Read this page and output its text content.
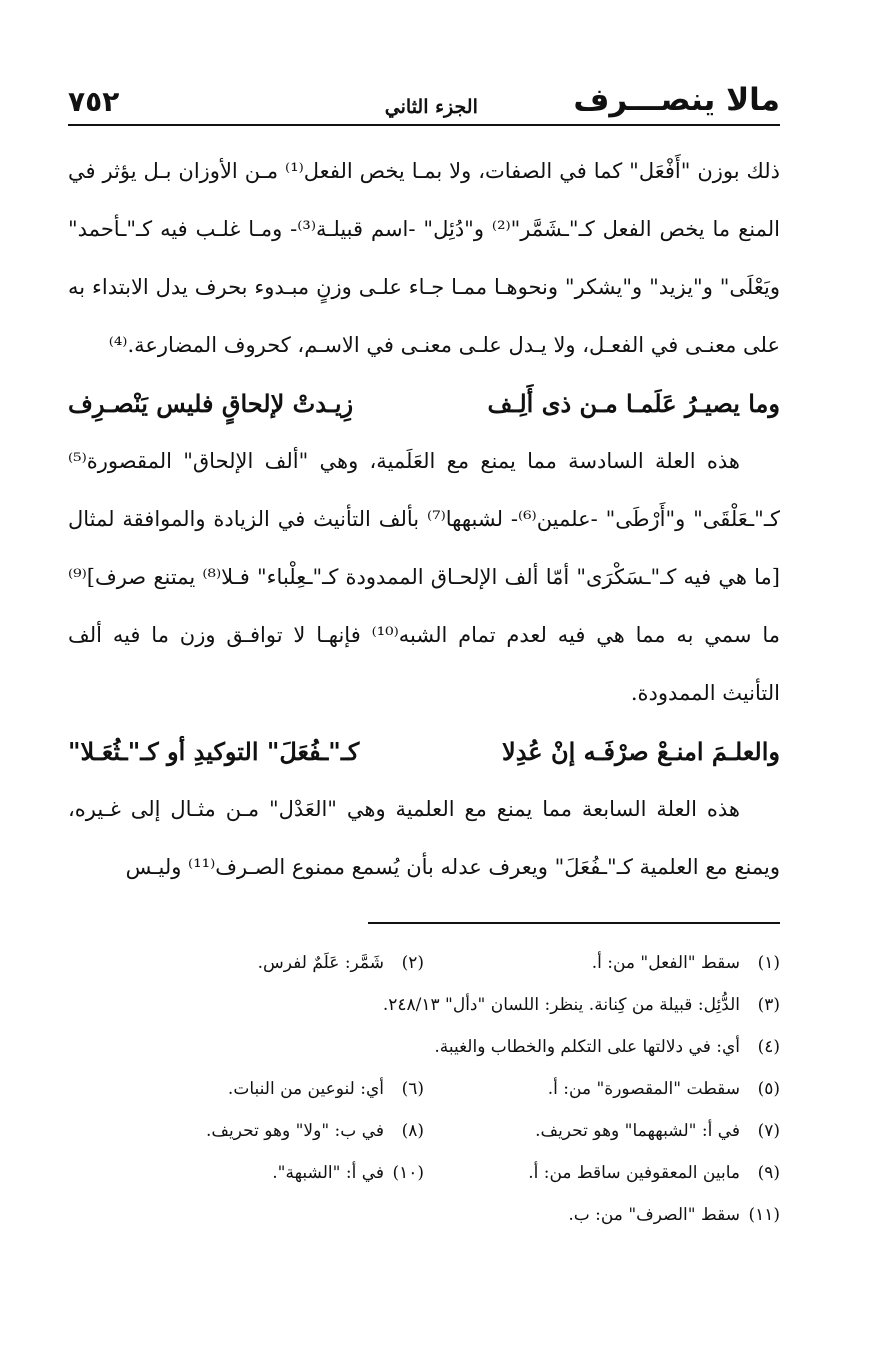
مالا ينصـــرف
الجزء الثاني
٧٥٢

ذلك بوزن "أَفْعَل" كما في الصفات، ولا بمـا يخص الفعل⁽¹⁾ مـن الأوزان بـل يؤثر في المنع ما يخص الفعل كـ"ـشَمَّر"⁽²⁾ و"دُئِل" -اسم قبيلـة⁽³⁾- ومـا غلـب فيه كـ"ـأحمد" ويَعْلَى" و"يزيد" و"يشكر" ونحوهـا ممـا جـاء علـى وزنٍ مبـدوء بحرف يدل الابتداء به على معنـى في الفعـل، ولا يـدل علـى معنـى في الاسـم، كحروف المضارعة.⁽⁴⁾

وما يصيـرُ عَلَمـا مـن ذى أَلِـف
زِيـدتْ لإلحاقٍ فليس يَنْصـرِف

هذه العلة السادسة مما يمنع مع العَلَمية، وهي "ألف الإلحاق" المقصورة⁽⁵⁾ كـ"ـعَلْقَى" و"أَرْطَى" -علمين⁽⁶⁾- لشبهها⁽⁷⁾ بألف التأنيث في الزيادة والموافقة لمثال [ما هي فيه كـ"ـسَكْرَى" أمّا ألف الإلحـاق الممدودة كـ"ـعِلْباء" فـلا⁽⁸⁾ يمتنع صرف]⁽⁹⁾ ما سمي به مما هي فيه لعدم تمام الشبه⁽¹⁰⁾ فإنهـا لا توافـق وزن ما فيه ألف التأنيث الممدودة.

والعلـمَ امنـعْ صرْفَـه إنْ عُدِلا
كـ"ـفُعَلَ" التوكيدِ أو كـ"ـثُعَـلا"

هذه العلة السابعة مما يمنع مع العلمية وهي "العَدْل" مـن مثـال إلى غـيره، ويمنع مع العلمية كـ"ـفُعَلَ" ويعرف عدله بأن يُسمع ممنوع الصـرف⁽¹¹⁾ وليـس

(١)سقط "الفعل" من: أ.
(٢)شَمَّر: عَلَمٌ لفرس.
(٣)الدُّئِل: قبيلة من كِنانة. ينظر: اللسان "دأل" ٢٤٨/١٣.
(٤)أي: في دلالتها على التكلم والخطاب والغيبة.
(٥)سقطت "المقصورة" من: أ.
(٦)أي: لنوعين من النبات.
(٧)في أ: "لشبههما" وهو تحريف.
(٨)في ب: "ولا" وهو تحريف.
(٩)مابين المعقوفين ساقط من: أ.
(١٠)في أ: "الشبهة".
(١١)سقط "الصرف" من: ب.
